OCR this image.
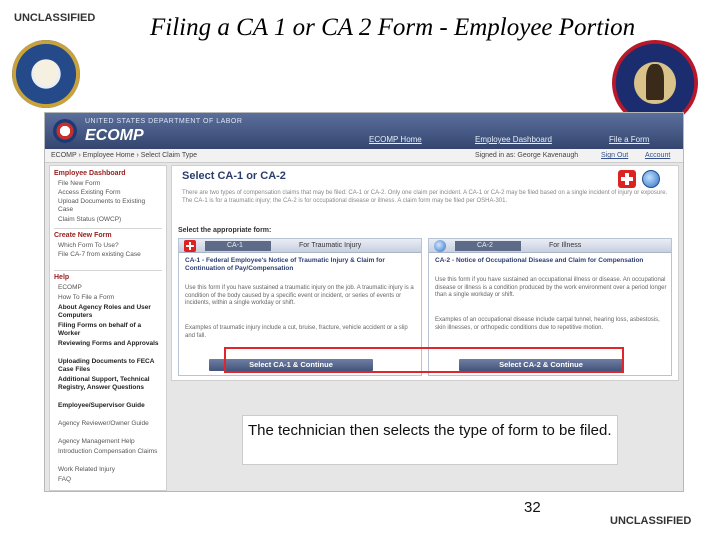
UNCLASSIFIED Filing a CA 1 or CA 2 Form - Employee Portion
UNITED STATES DEPARTMENT OF LABOR
ECOMP	ECOMP Home	Employee Dashboard	File a Form
ECOMP › Employee Home › Select Claim Type	Signed in as: George Kavenaugh	Sign Out Account
Employee Dashboard
File New Form
Access Existing Form
Upload Documents to Existing Case
Claim Status (OWCP)
Create New Form
Which Form To Use?
File CA-7 from existing Case
Help
ECOMP
How To File a Form
About Agency Roles and User Computers
Filing Forms on behalf of a Worker
Reviewing Forms and Approvals
Uploading Documents to FECA Case Files
Additional Support, Technical Registry, Answer Questions
Employee/Supervisor Guide
Agency Reviewer/Owner Guide
Agency Management Help
Introduction Compensation Claims
Work Related Injury
FAQ
Select CA-1 or CA-2
There are two types of compensation claims that may be filed: CA-1 or CA-2. Only one claim per incident. A CA-1 or CA-2 may be filed based on a single incident of injury or exposure. The CA-1 is for a traumatic injury; the CA-2 is for occupational disease or illness. A claim form may be filed per OSHA-301.
Select the appropriate form:
CA-1	For Traumatic Injury
CA-1 - Federal Employee's Notice of Traumatic Injury & Claim for Continuation of Pay/Compensation
Use this form if you have sustained a traumatic injury on the job. A traumatic injury is a condition of the body caused by a specific event or incident, or series of events or incidents, within a single workday or shift.
Examples of traumatic injury include a cut, bruise, fracture, vehicle accident or a slip and fall.
Select CA-1 & Continue
CA-2	For Illness
CA-2 - Notice of Occupational Disease and Claim for Compensation
Use this form if you have sustained an occupational illness or disease. An occupational disease or illness is a condition produced by the work environment over a period longer than a single workday or shift.
Examples of an occupational disease include carpal tunnel, hearing loss, asbestosis, skin illnesses, or orthopedic conditions due to repetitive motion.
Select CA-2 & Continue
The technician then selects the type of form to be filed.
32
UNCLASSIFIED
